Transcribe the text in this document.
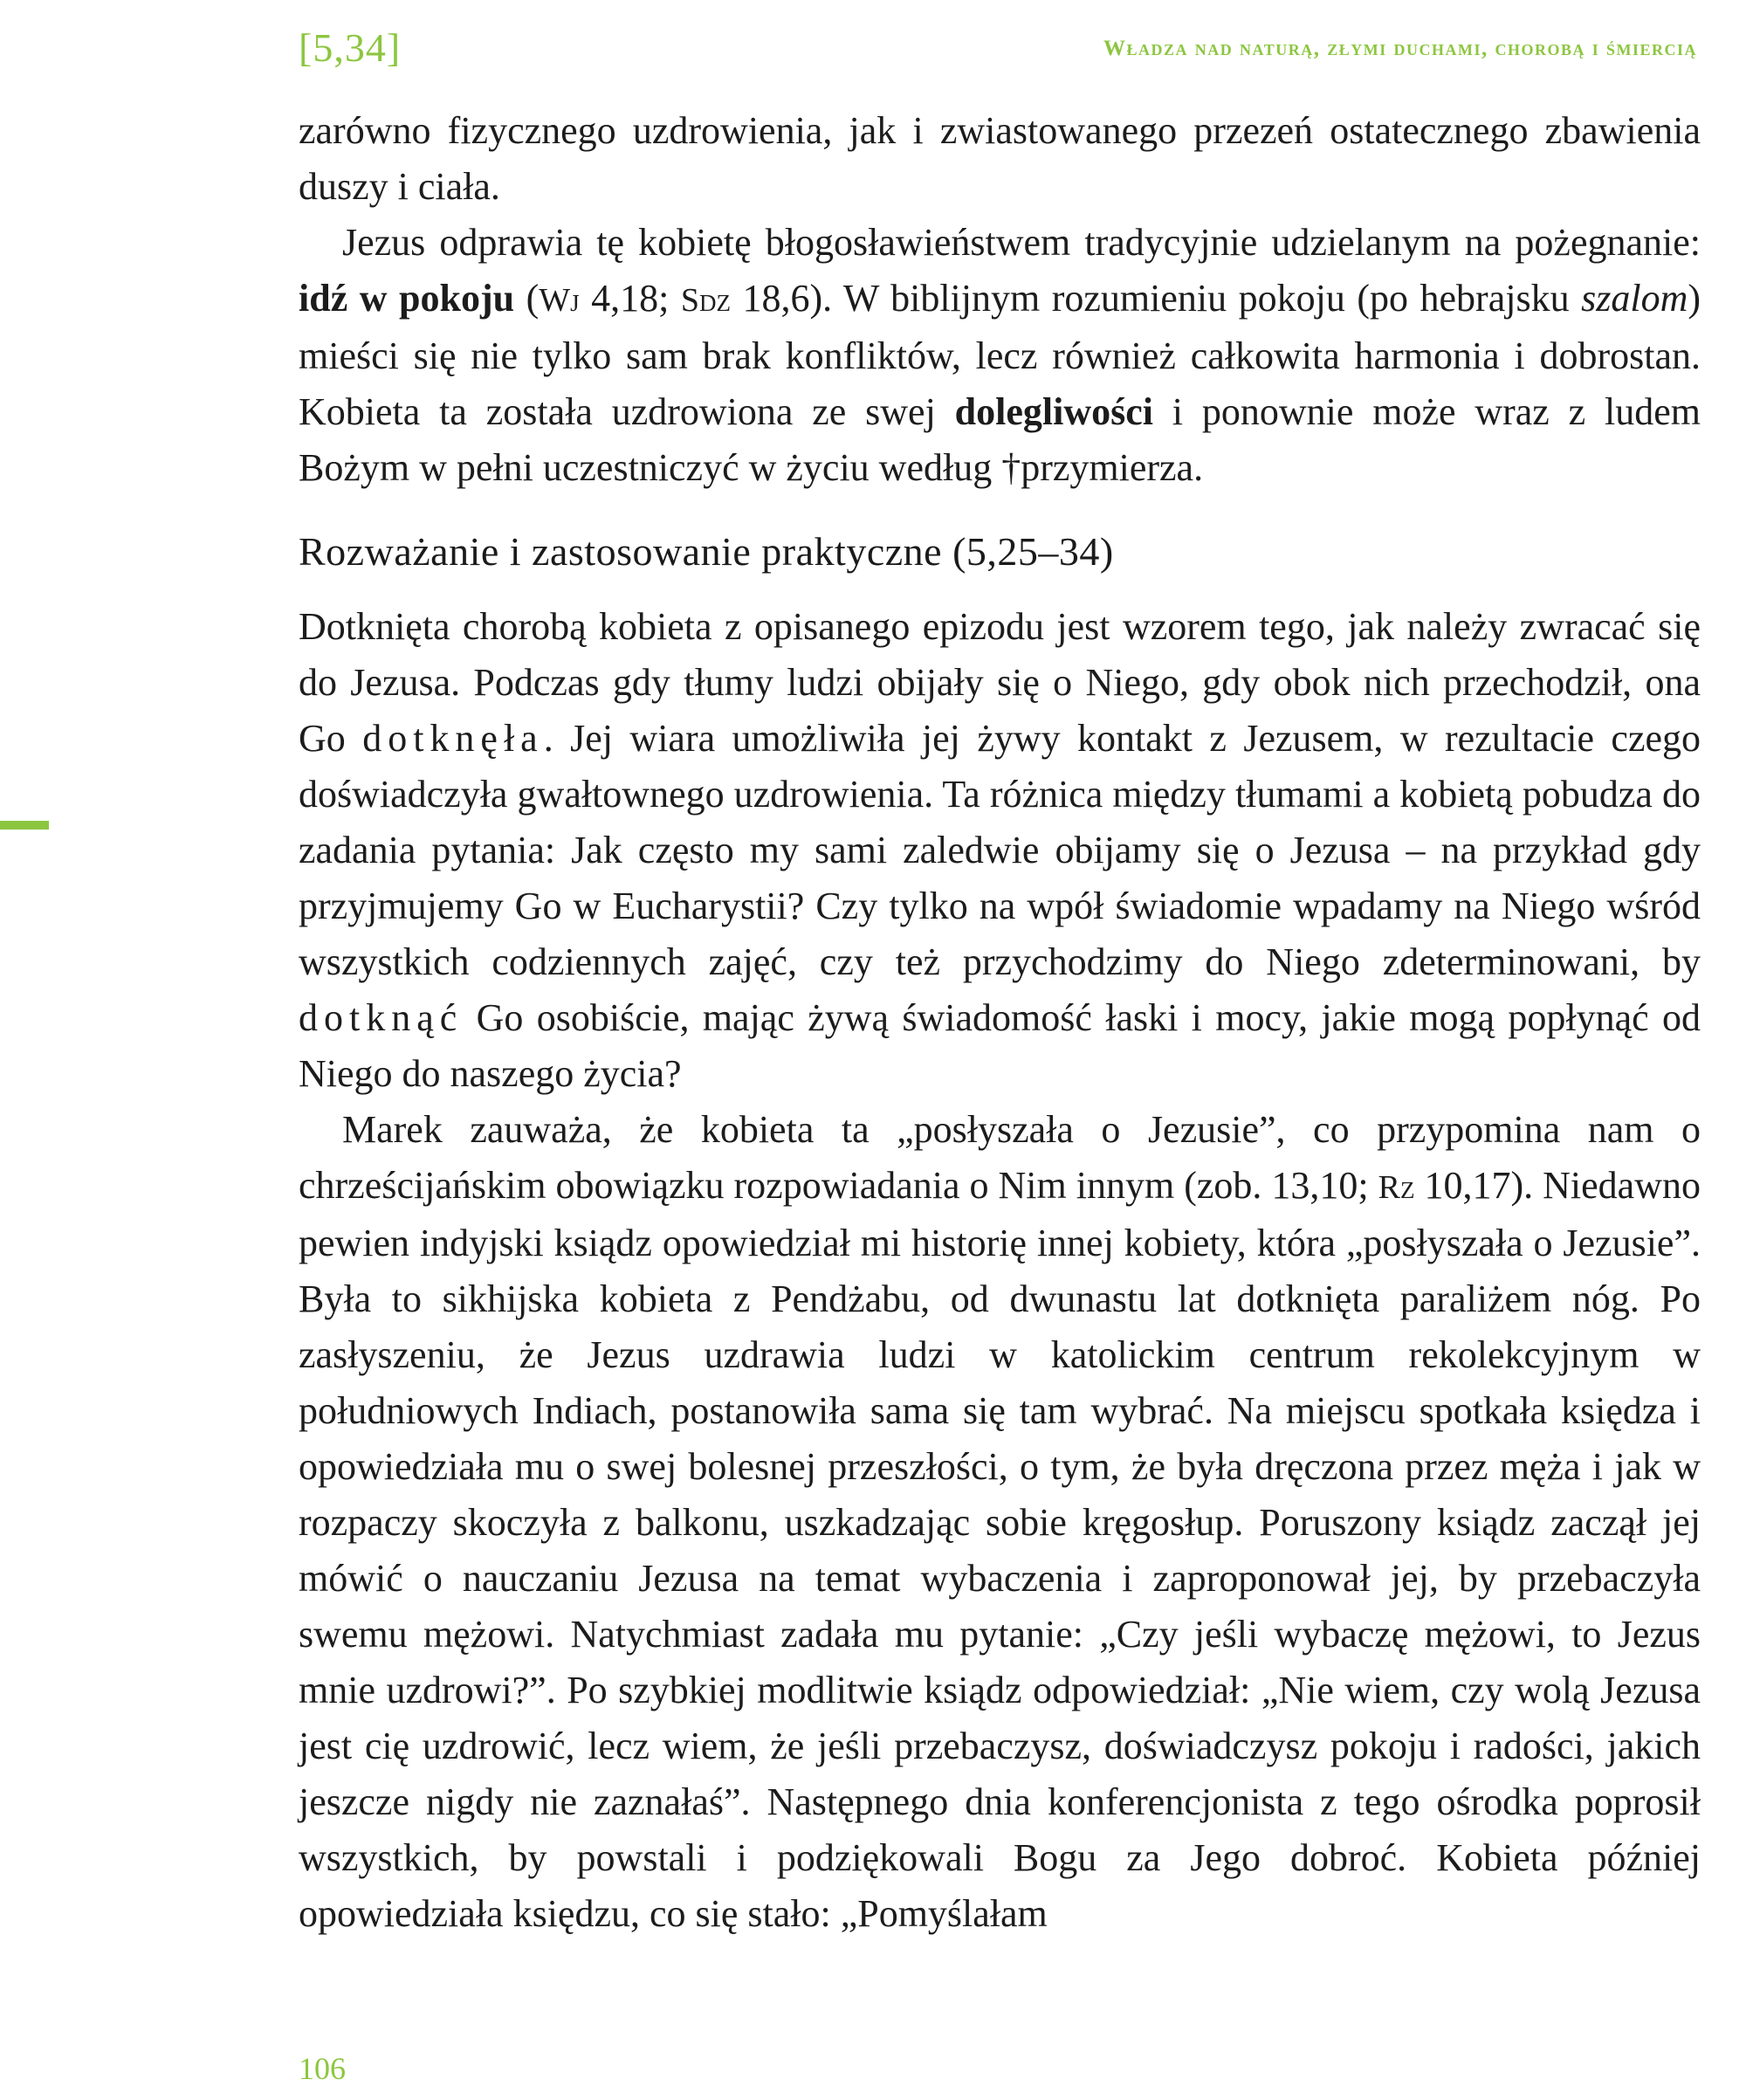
[5,34]	Władza nad naturą, złymi duchami, chorobą i śmiercią

zarówno fizycznego uzdrowienia, jak i zwiastowanego przezeń ostatecznego zbawienia duszy i ciała.

Jezus odprawia tę kobietę błogosławieństwem tradycyjnie udzielanym na pożegnanie: idź w pokoju (Wj 4,18; Sdz 18,6). W biblijnym rozumieniu pokoju (po hebrajsku szalom) mieści się nie tylko sam brak konfliktów, lecz również całkowita harmonia i dobrostan. Kobieta ta została uzdrowiona ze swej dolegliwości i ponownie może wraz z ludem Bożym w pełni uczestniczyć w życiu według †przymierza.

Rozważanie i zastosowanie praktyczne (5,25–34)

Dotknięta chorobą kobieta z opisanego epizodu jest wzorem tego, jak należy zwracać się do Jezusa. Podczas gdy tłumy ludzi obijały się o Niego, gdy obok nich przechodził, ona Go dotknęła. Jej wiara umożliwiła jej żywy kontakt z Jezusem, w rezultacie czego doświadczyła gwałtownego uzdrowienia. Ta różnica między tłumami a kobietą pobudza do zadania pytania: Jak często my sami zaledwie obijamy się o Jezusa – na przykład gdy przyjmujemy Go w Eucharystii? Czy tylko na wpół świadomie wpadamy na Niego wśród wszystkich codziennych zajęć, czy też przychodzimy do Niego zdeterminowani, by dotknąć Go osobiście, mając żywą świadomość łaski i mocy, jakie mogą popłynąć od Niego do naszego życia?

Marek zauważa, że kobieta ta „posłyszała o Jezusie”, co przypomina nam o chrześcijańskim obowiązku rozpowiadania o Nim innym (zob. 13,10; Rz 10,17). Niedawno pewien indyjski ksiądz opowiedział mi historię innej kobiety, która „posłyszała o Jezusie”. Była to sikhijska kobieta z Pendżabu, od dwunastu lat dotknięta paraliżem nóg. Po zasłyszeniu, że Jezus uzdrawia ludzi w katolickim centrum rekolekcyjnym w południowych Indiach, postanowiła sama się tam wybrać. Na miejscu spotkała księdza i opowiedziała mu o swej bolesnej przeszłości, o tym, że była dręczona przez męża i jak w rozpaczy skoczyła z balkonu, uszkadzając sobie kręgosłup. Poruszony ksiądz zaczął jej mówić o nauczaniu Jezusa na temat wybaczenia i zaproponował jej, by przebaczyła swemu mężowi. Natychmiast zadała mu pytanie: „Czy jeśli wybaczę mężowi, to Jezus mnie uzdrowi?”. Po szybkiej modlitwie ksiądz odpowiedział: „Nie wiem, czy wolą Jezusa jest cię uzdrowić, lecz wiem, że jeśli przebaczysz, doświadczysz pokoju i radości, jakich jeszcze nigdy nie zaznałaś”. Następnego dnia konferencjonista z tego ośrodka poprosił wszystkich, by powstali i podziękowali Bogu za Jego dobroć. Kobieta później opowiedziała księdzu, co się stało: „Pomyślałam

106
